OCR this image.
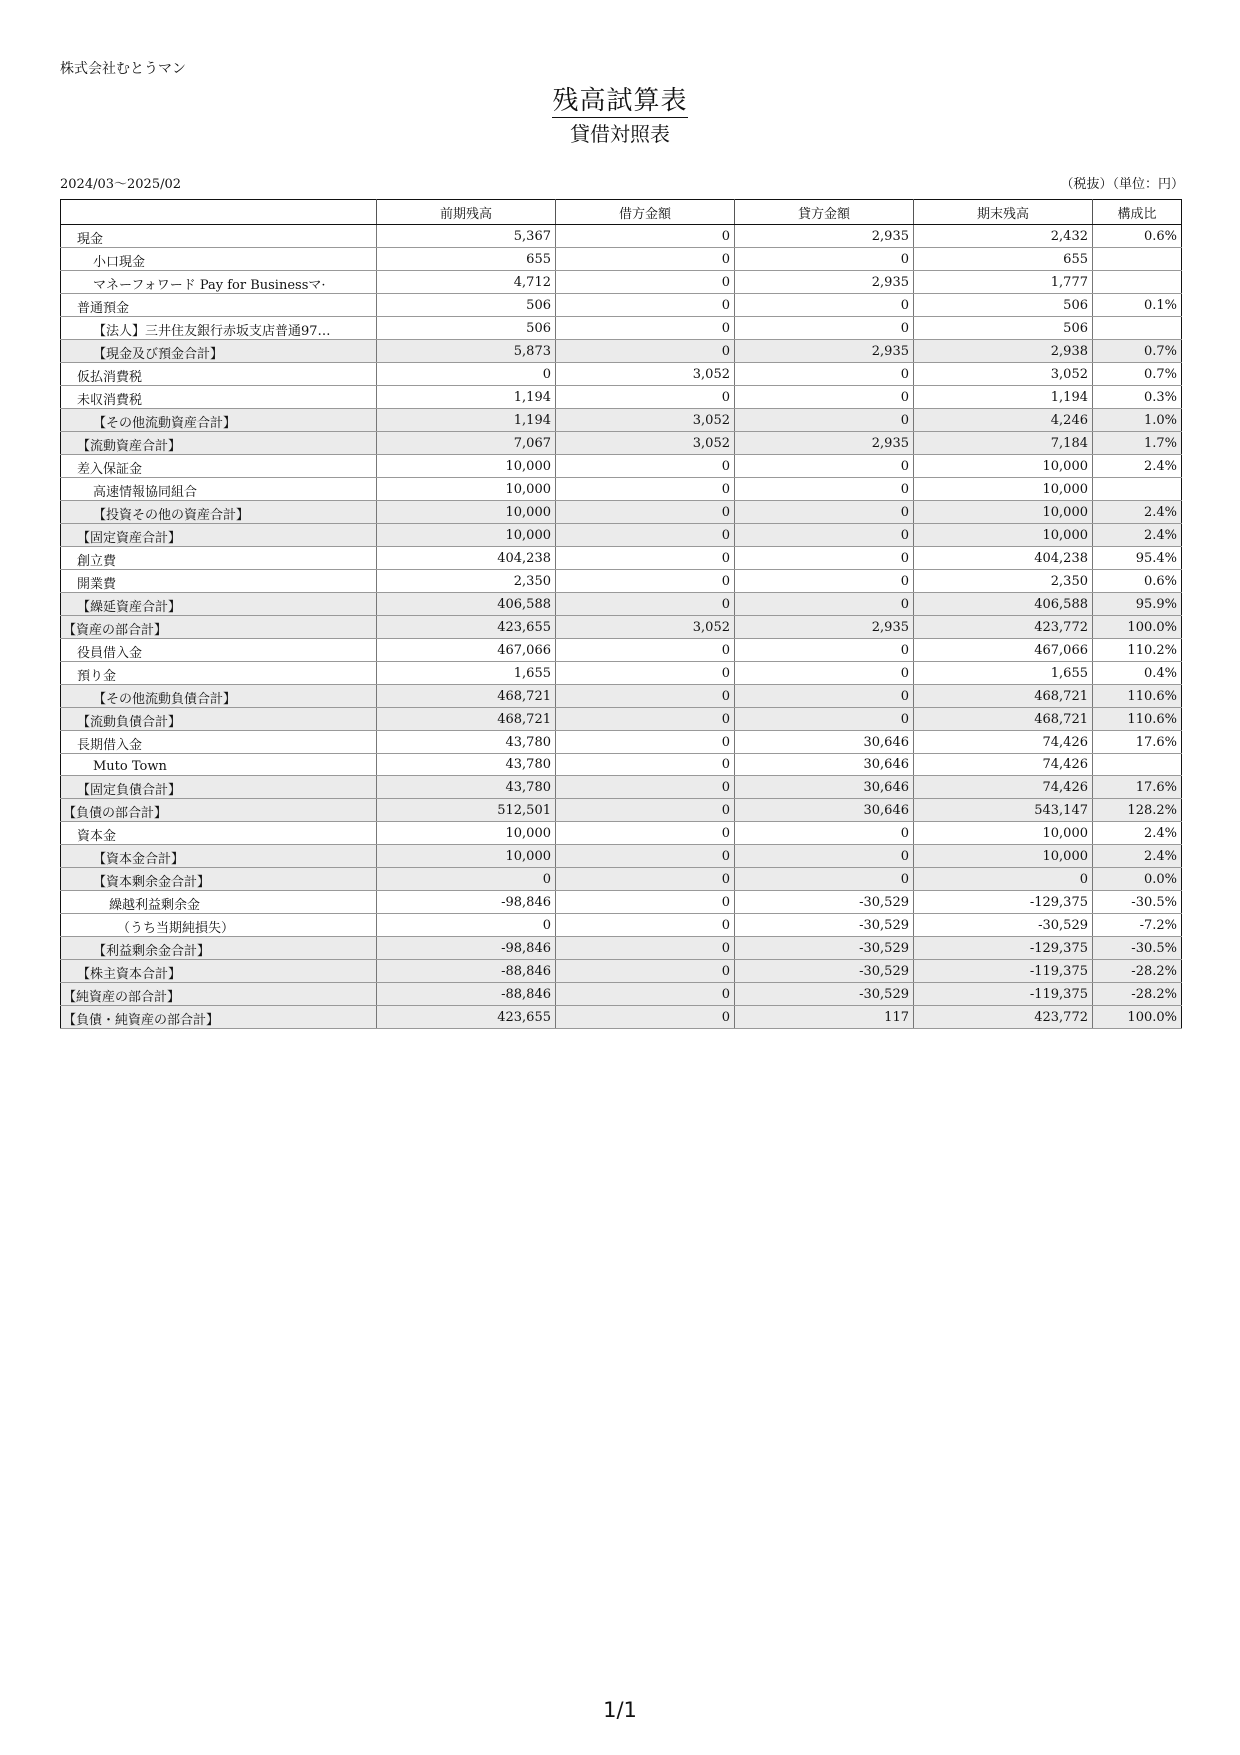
株式会社むとうマン
残高試算表
貸借対照表
2024/03～2025/02	（税抜）（単位：円）
	前期残高	借方金額	貸方金額	期末残高	構成比
現金	5,367	0	2,935	2,432	0.6%
小口現金	655	0	0	655	
マネーフォワード Pay for Businessマ·	4,712	0	2,935	1,777	
普通預金	506	0	0	506	0.1%
【法人】三井住友銀行赤坂支店普通97…	506	0	0	506	
【現金及び預金合計】	5,873	0	2,935	2,938	0.7%
仮払消費税	0	3,052	0	3,052	0.7%
未収消費税	1,194	0	0	1,194	0.3%
【その他流動資産合計】	1,194	3,052	0	4,246	1.0%
【流動資産合計】	7,067	3,052	2,935	7,184	1.7%
差入保証金	10,000	0	0	10,000	2.4%
高速情報協同組合	10,000	0	0	10,000	
【投資その他の資産合計】	10,000	0	0	10,000	2.4%
【固定資産合計】	10,000	0	0	10,000	2.4%
創立費	404,238	0	0	404,238	95.4%
開業費	2,350	0	0	2,350	0.6%
【繰延資産合計】	406,588	0	0	406,588	95.9%
【資産の部合計】	423,655	3,052	2,935	423,772	100.0%
役員借入金	467,066	0	0	467,066	110.2%
預り金	1,655	0	0	1,655	0.4%
【その他流動負債合計】	468,721	0	0	468,721	110.6%
【流動負債合計】	468,721	0	0	468,721	110.6%
長期借入金	43,780	0	30,646	74,426	17.6%
Muto Town	43,780	0	30,646	74,426	
【固定負債合計】	43,780	0	30,646	74,426	17.6%
【負債の部合計】	512,501	0	30,646	543,147	128.2%
資本金	10,000	0	0	10,000	2.4%
【資本金合計】	10,000	0	0	10,000	2.4%
【資本剰余金合計】	0	0	0	0	0.0%
繰越利益剰余金	-98,846	0	-30,529	-129,375	-30.5%
（うち当期純損失）	0	0	-30,529	-30,529	-7.2%
【利益剰余金合計】	-98,846	0	-30,529	-129,375	-30.5%
【株主資本合計】	-88,846	0	-30,529	-119,375	-28.2%
【純資産の部合計】	-88,846	0	-30,529	-119,375	-28.2%
【負債・純資産の部合計】	423,655	0	117	423,772	100.0%
1/1
